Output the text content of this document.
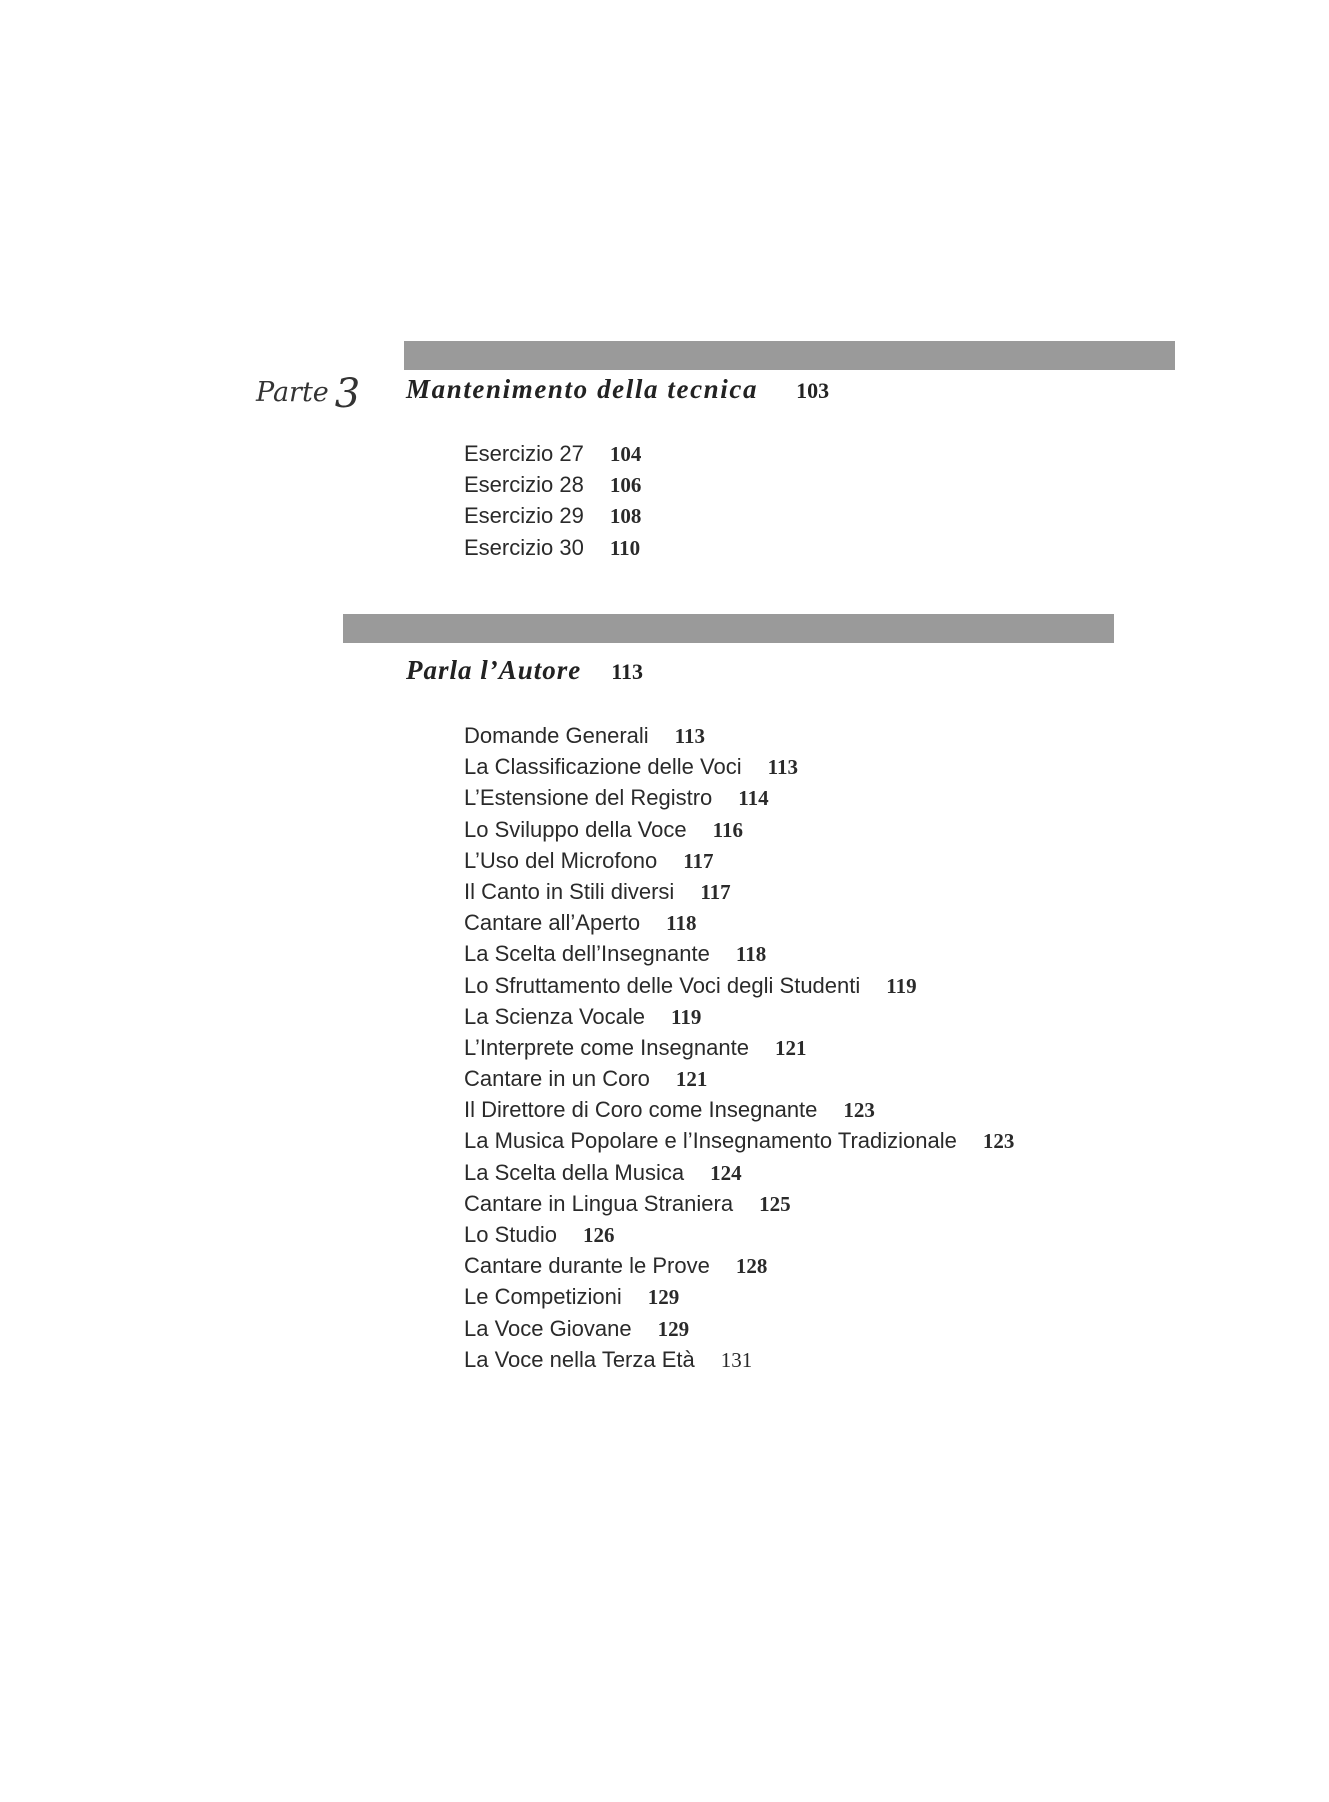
Parte 3 Mantenimento della tecnica 103
Esercizio 27 104
Esercizio 28 106
Esercizio 29 108
Esercizio 30 110
Parla l’Autore 113
Domande Generali 113
La Classificazione delle Voci 113
L’Estensione del Registro 114
Lo Sviluppo della Voce 116
L’Uso del Microfono 117
Il Canto in Stili diversi 117
Cantare all’Aperto 118
La Scelta dell’Insegnante 118
Lo Sfruttamento delle Voci degli Studenti 119
La Scienza Vocale 119
L’Interprete come Insegnante 121
Cantare in un Coro 121
Il Direttore di Coro come Insegnante 123
La Musica Popolare e l’Insegnamento Tradizionale 123
La Scelta della Musica 124
Cantare in Lingua Straniera 125
Lo Studio 126
Cantare durante le Prove 128
Le Competizioni 129
La Voce Giovane 129
La Voce nella Terza Età 131
